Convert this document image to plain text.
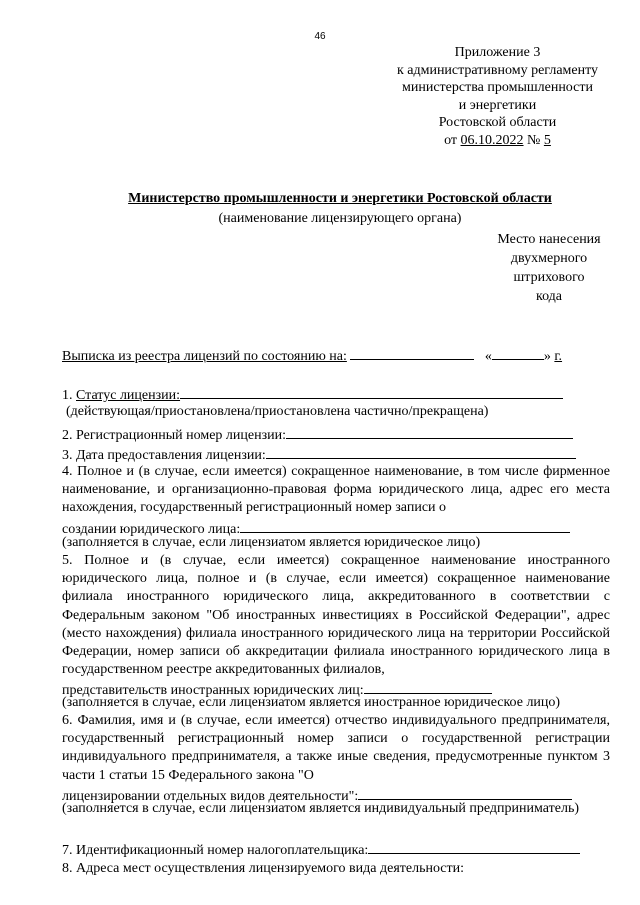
46
Приложение 3
к административному регламенту
министерства промышленности
и энергетики
Ростовской области
от 06.10.2022 № 5
Министерство промышленности и энергетики Ростовской области
(наименование лицензирующего органа)
Место нанесения
двухмерного
штрихового
кода
Выписка из реестра лицензий по состоянию на:	«	» г.
1. Статус лицензии:
(действующая/приостановлена/приостановлена частично/прекращена)
2. Регистрационный номер лицензии:
3. Дата предоставления лицензии:
4. Полное и (в случае, если имеется) сокращенное наименование, в том числе фирменное наименование, и организационно-правовая форма юридического лица, адрес его места нахождения, государственный регистрационный номер записи о
создании юридического лица:
(заполняется в случае, если лицензиатом является юридическое лицо)
5. Полное и (в случае, если имеется) сокращенное наименование иностранного юридического лица, полное и (в случае, если имеется) сокращенное наименование филиала иностранного юридического лица, аккредитованного в соответствии с Федеральным законом "Об иностранных инвестициях в Российской Федерации", адрес (место нахождения) филиала иностранного юридического лица на территории Российской Федерации, номер записи об аккредитации филиала иностранного юридического лица в государственном реестре аккредитованных филиалов,
представительств иностранных юридических лиц:
(заполняется в случае, если лицензиатом является иностранное юридическое лицо)
6. Фамилия, имя и (в случае, если имеется) отчество индивидуального предпринимателя, государственный регистрационный номер записи о государственной регистрации индивидуального предпринимателя, а также иные сведения, предусмотренные пунктом 3 части 1 статьи 15 Федерального закона "О
лицензировании отдельных видов деятельности":
(заполняется в случае, если лицензиатом является индивидуальный предприниматель)
7. Идентификационный номер налогоплательщика:
8. Адреса мест осуществления лицензируемого вида деятельности:
